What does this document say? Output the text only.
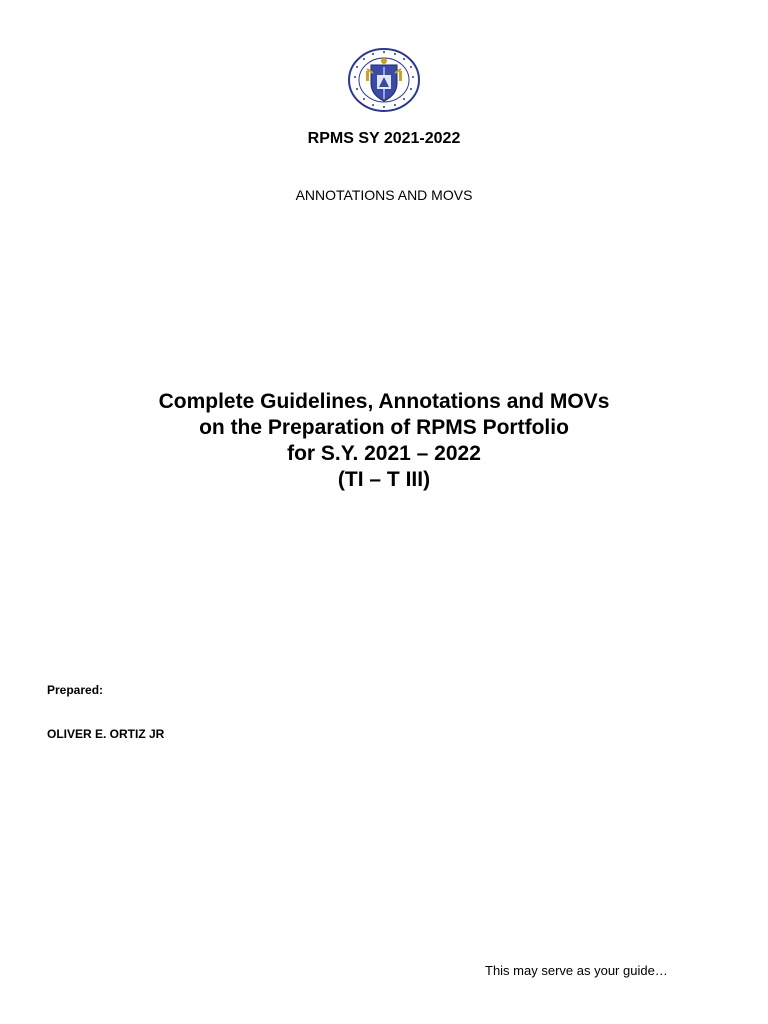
RPMS SY 2021-2022
ANNOTATIONS AND MOVS
Complete Guidelines, Annotations and MOVs
on the Preparation of RPMS Portfolio
for S.Y. 2021 – 2022
(TI – T III)
Prepared:
OLIVER E. ORTIZ JR
This may serve as your guide…
